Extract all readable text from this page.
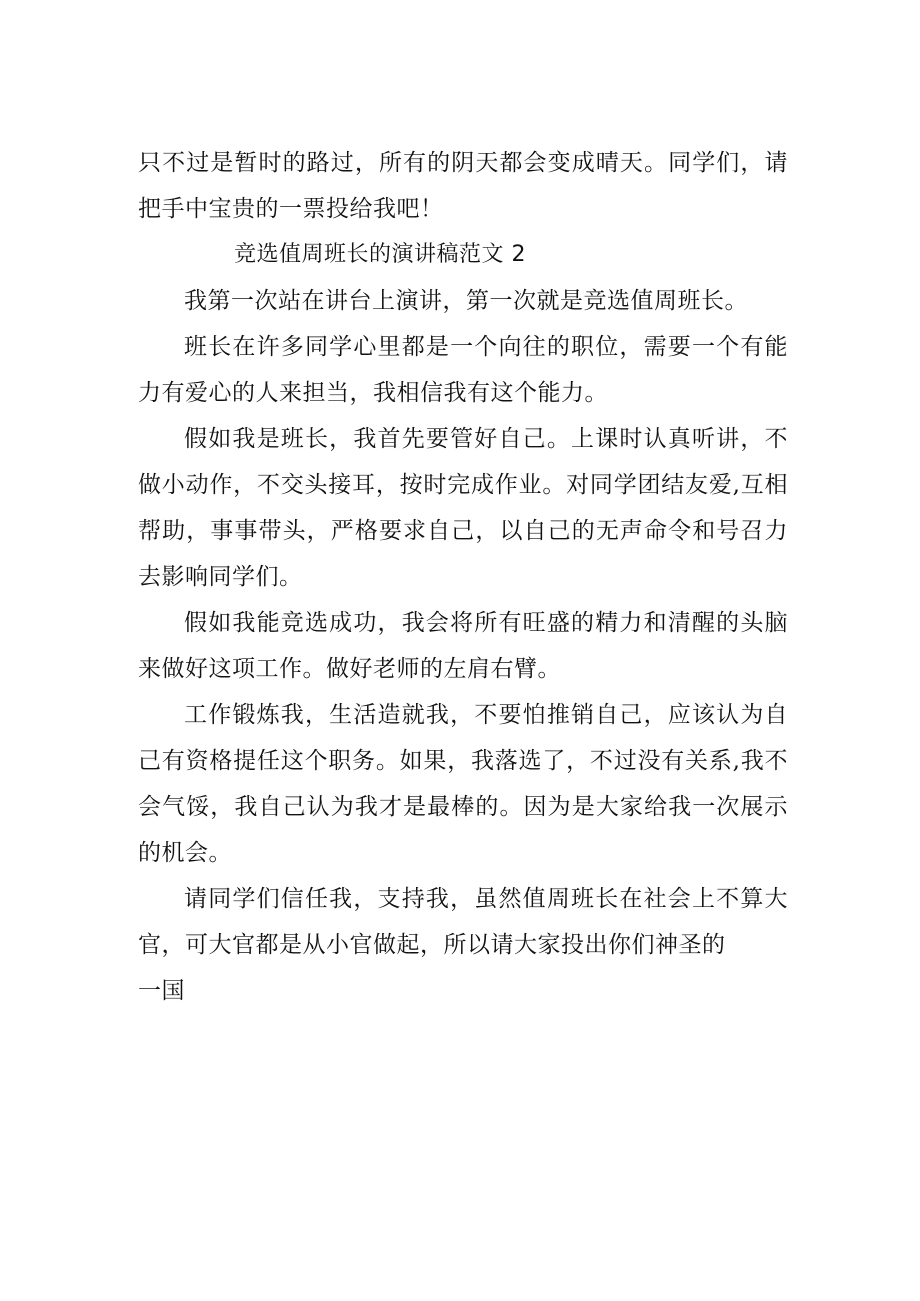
只不过是暂时的路过，所有的阴天都会变成晴天。同学们，请把手中宝贵的一票投给我吧！

竞选值周班长的演讲稿范文 2

我第一次站在讲台上演讲，第一次就是竞选值周班长。

班长在许多同学心里都是一个向往的职位，需要一个有能力有爱心的人来担当，我相信我有这个能力。

假如我是班长，我首先要管好自己。上课时认真听讲，不做小动作，不交头接耳，按时完成作业。对同学团结友爱,互相帮助，事事带头，严格要求自己，以自己的无声命令和号召力去影响同学们。

假如我能竞选成功，我会将所有旺盛的精力和清醒的头脑来做好这项工作。做好老师的左肩右臂。

工作锻炼我，生活造就我，不要怕推销自己，应该认为自己有资格提任这个职务。如果，我落选了，不过没有关系,我不会气馁，我自己认为我才是最棒的。因为是大家给我一次展示的机会。

请同学们信任我，支持我，虽然值周班长在社会上不算大官，可大官都是从小官做起，所以请大家投出你们神圣的

一国
